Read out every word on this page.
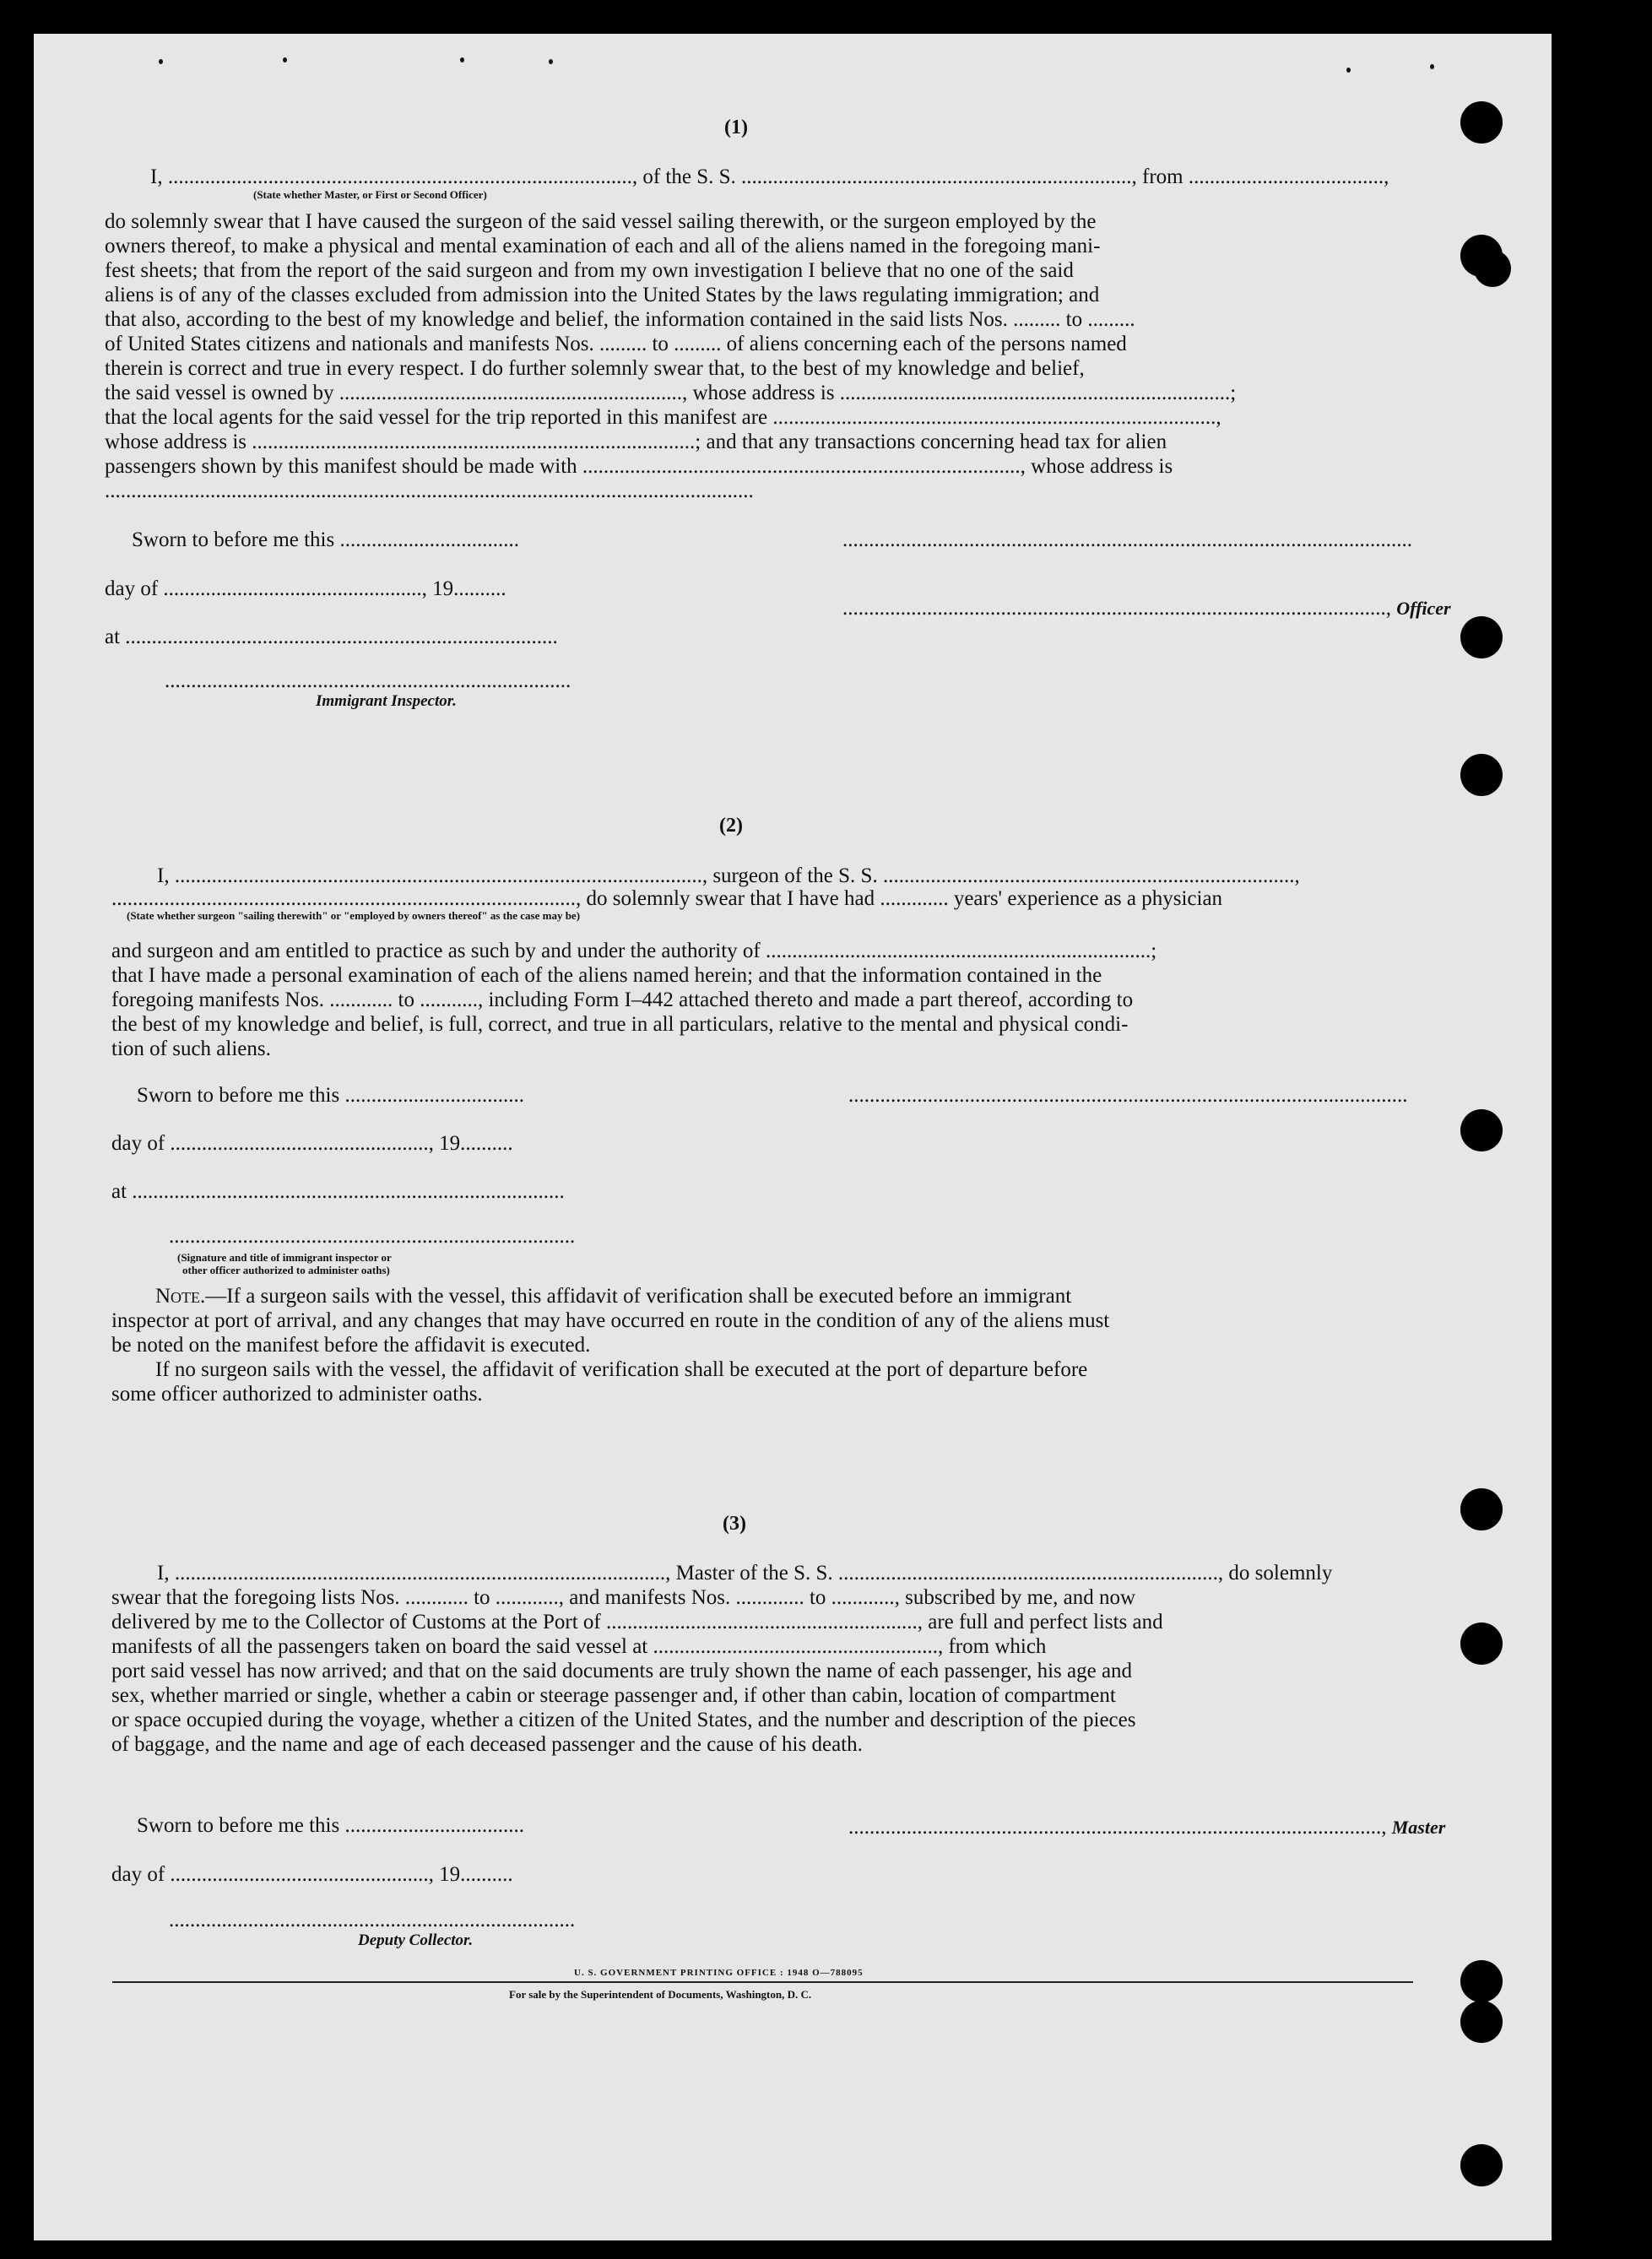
(1)
I, ........................................................................................, of the S. S. .........................................................................., from .....................................,
(State whether Master, or First or Second Officer)
do solemnly swear that I have caused the surgeon of the said vessel sailing therewith, or the surgeon employed by the
owners thereof, to make a physical and mental examination of each and all of the aliens named in the foregoing mani-
fest sheets; that from the report of the said surgeon and from my own investigation I believe that no one of the said
aliens is of any of the classes excluded from admission into the United States by the laws regulating immigration; and
that also, according to the best of my knowledge and belief, the information contained in the said lists Nos. ......... to .........
of United States citizens and nationals and manifests Nos. ......... to ......... of aliens concerning each of the persons named
therein is correct and true in every respect. I do further solemnly swear that, to the best of my knowledge and belief,
the said vessel is owned by ................................................................., whose address is ..........................................................................;
that the local agents for the said vessel for the trip reported in this manifest are ....................................................................................,
whose address is ....................................................................................; and that any transactions concerning head tax for alien
passengers shown by this manifest should be made with ..................................................................................., whose address is
...........................................................................................................................
Sworn to before me this ..................................	............................................................................................................
day of ................................................., 19..........
......................................................................................................., Officer
at ..................................................................................
.............................................................................
Immigrant Inspector.
(2)
I, ...................................................................................................., surgeon of the S. S. ..............................................................................,
........................................................................................, do solemnly swear that I have had ............. years' experience as a physician
(State whether surgeon "sailing therewith" or "employed by owners thereof" as the case may be)
and surgeon and am entitled to practice as such by and under the authority of .........................................................................;
that I have made a personal examination of each of the aliens named herein; and that the information contained in the
foregoing manifests Nos. ............ to ..........., including Form I–442 attached thereto and made a part thereof, according to
the best of my knowledge and belief, is full, correct, and true in all particulars, relative to the mental and physical condi-
tion of such aliens.
Sworn to before me this ..................................	..........................................................................................................
day of ................................................., 19..........
at ..................................................................................
.............................................................................
(Signature and title of immigrant inspector or
other officer authorized to administer oaths)
Note.—If a surgeon sails with the vessel, this affidavit of verification shall be executed before an immigrant
inspector at port of arrival, and any changes that may have occurred en route in the condition of any of the aliens must
be noted on the manifest before the affidavit is executed.
If no surgeon sails with the vessel, the affidavit of verification shall be executed at the port of departure before
some officer authorized to administer oaths.
(3)
I, ............................................................................................., Master of the S. S. ........................................................................, do solemnly
swear that the foregoing lists Nos. ............ to ............, and manifests Nos. ............. to ............, subscribed by me, and now
delivered by me to the Collector of Customs at the Port of ..........................................................., are full and perfect lists and
manifests of all the passengers taken on board the said vessel at ......................................................, from which
port said vessel has now arrived; and that on the said documents are truly shown the name of each passenger, his age and
sex, whether married or single, whether a cabin or steerage passenger and, if other than cabin, location of compartment
or space occupied during the voyage, whether a citizen of the United States, and the number and description of the pieces
of baggage, and the name and age of each deceased passenger and the cause of his death.
Sworn to before me this ..................................	....................................................................................................., Master
day of ................................................., 19..........
.............................................................................
Deputy Collector.
U. S. GOVERNMENT PRINTING OFFICE : 1948 O—788095
For sale by the Superintendent of Documents, Washington, D. C.
